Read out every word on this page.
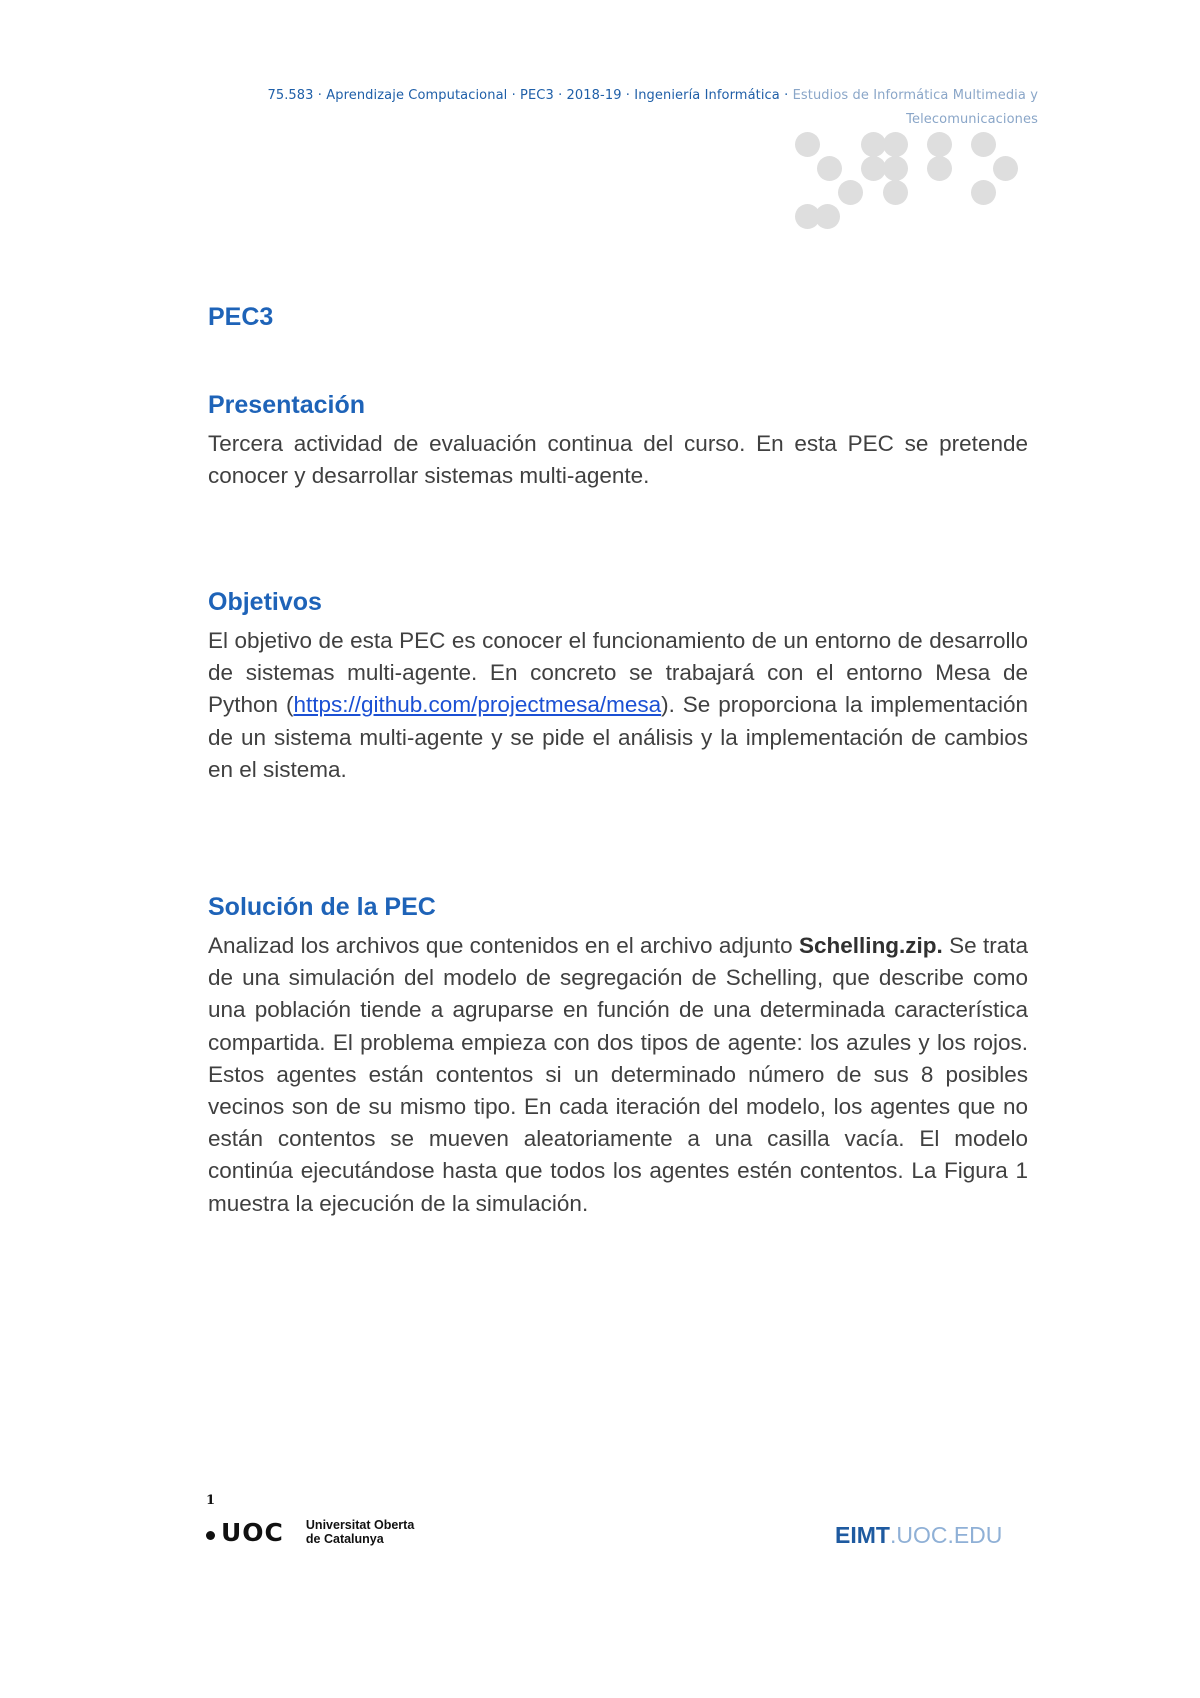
75.583 · Aprendizaje Computacional · PEC3 · 2018-19 · Ingeniería Informática · Estudios de Informática Multimedia y
Telecomunicaciones
PEC3
Presentación

Tercera actividad de evaluación continua del curso. En esta PEC se pretende conocer y desarrollar sistemas multi-agente.

Objetivos

El objetivo de esta PEC es conocer el funcionamiento de un entorno de desarrollo de sistemas multi-agente. En concreto se trabajará con el entorno Mesa de Python (https://github.com/projectmesa/mesa). Se proporciona la implementación de un sistema multi-agente y se pide el análisis y la implementación de cambios en el sistema.

Solución de la PEC

Analizad los archivos que contenidos en el archivo adjunto Schelling.zip. Se trata de una simulación del modelo de segregación de Schelling, que describe como una población tiende a agruparse en función de una determinada característica compartida. El problema empieza con dos tipos de agente: los azules y los rojos. Estos agentes están contentos si un determinado número de sus 8 posibles vecinos son de su mismo tipo. En cada iteración del modelo, los agentes que no están contentos se mueven aleatoriamente a una casilla vacía. El modelo continúa ejecutándose hasta que todos los agentes estén contentos. La Figura 1 muestra la ejecución de la simulación.

1
UOC Universitat Oberta
de Catalunya	EIMT.UOC.EDU
